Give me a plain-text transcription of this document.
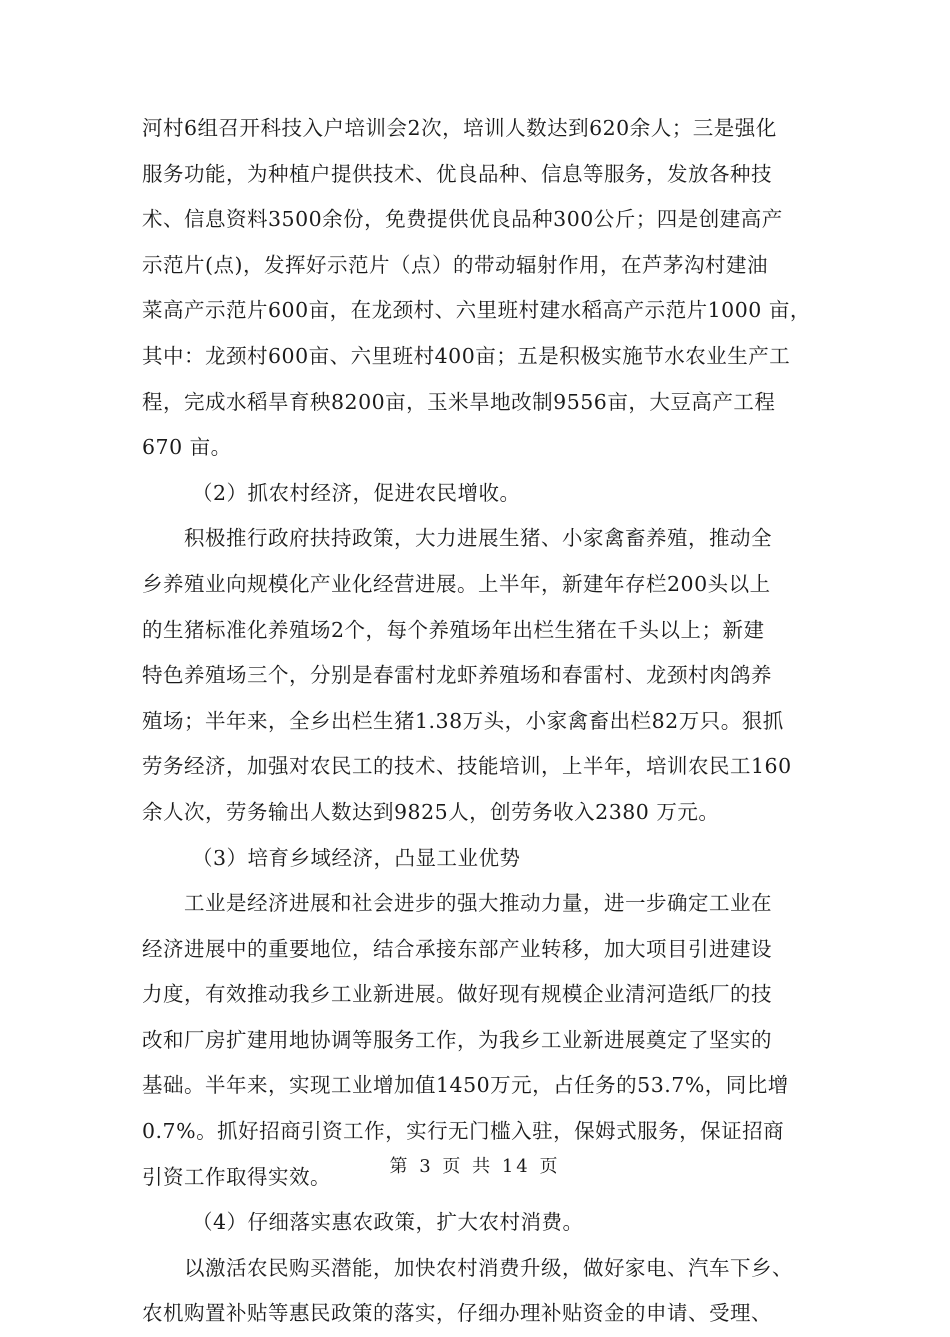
河村6组召开科技入户培训会2次，培训人数达到620余人；三是强化
服务功能，为种植户提供技术、优良品种、信息等服务，发放各种技
术、信息资料3500余份，免费提供优良品种300公斤；四是创建高产
示范片(点)，发挥好示范片（点）的带动辐射作用，在芦茅沟村建油
菜高产示范片600亩，在龙颈村、六里班村建水稻高产示范片1000 亩，
其中：龙颈村600亩、六里班村400亩；五是积极实施节水农业生产工
程，完成水稻旱育秧8200亩，玉米旱地改制9556亩，大豆高产工程
670 亩。
（2）抓农村经济，促进农民增收。
积极推行政府扶持政策，大力进展生猪、小家禽畜养殖，推动全
乡养殖业向规模化产业化经营进展。上半年，新建年存栏200头以上
的生猪标准化养殖场2个，每个养殖场年出栏生猪在千头以上；新建
特色养殖场三个，分别是春雷村龙虾养殖场和春雷村、龙颈村肉鸽养
殖场；半年来，全乡出栏生猪1.38万头，小家禽畜出栏82万只。狠抓
劳务经济，加强对农民工的技术、技能培训，上半年，培训农民工160
余人次，劳务输出人数达到9825人，创劳务收入2380 万元。
（3）培育乡域经济，凸显工业优势
工业是经济进展和社会进步的强大推动力量，进一步确定工业在
经济进展中的重要地位，结合承接东部产业转移，加大项目引进建设
力度，有效推动我乡工业新进展。做好现有规模企业清河造纸厂的技
改和厂房扩建用地协调等服务工作，为我乡工业新进展奠定了坚实的
基础。半年来，实现工业增加值1450万元，占任务的53.7%，同比增
0.7%。抓好招商引资工作，实行无门槛入驻，保姆式服务，保证招商
引资工作取得实效。
（4）仔细落实惠农政策，扩大农村消费。
以激活农民购买潜能，加快农村消费升级，做好家电、汽车下乡、
农机购置补贴等惠民政策的落实，仔细办理补贴资金的申请、受理、
第 3 页 共 14 页
